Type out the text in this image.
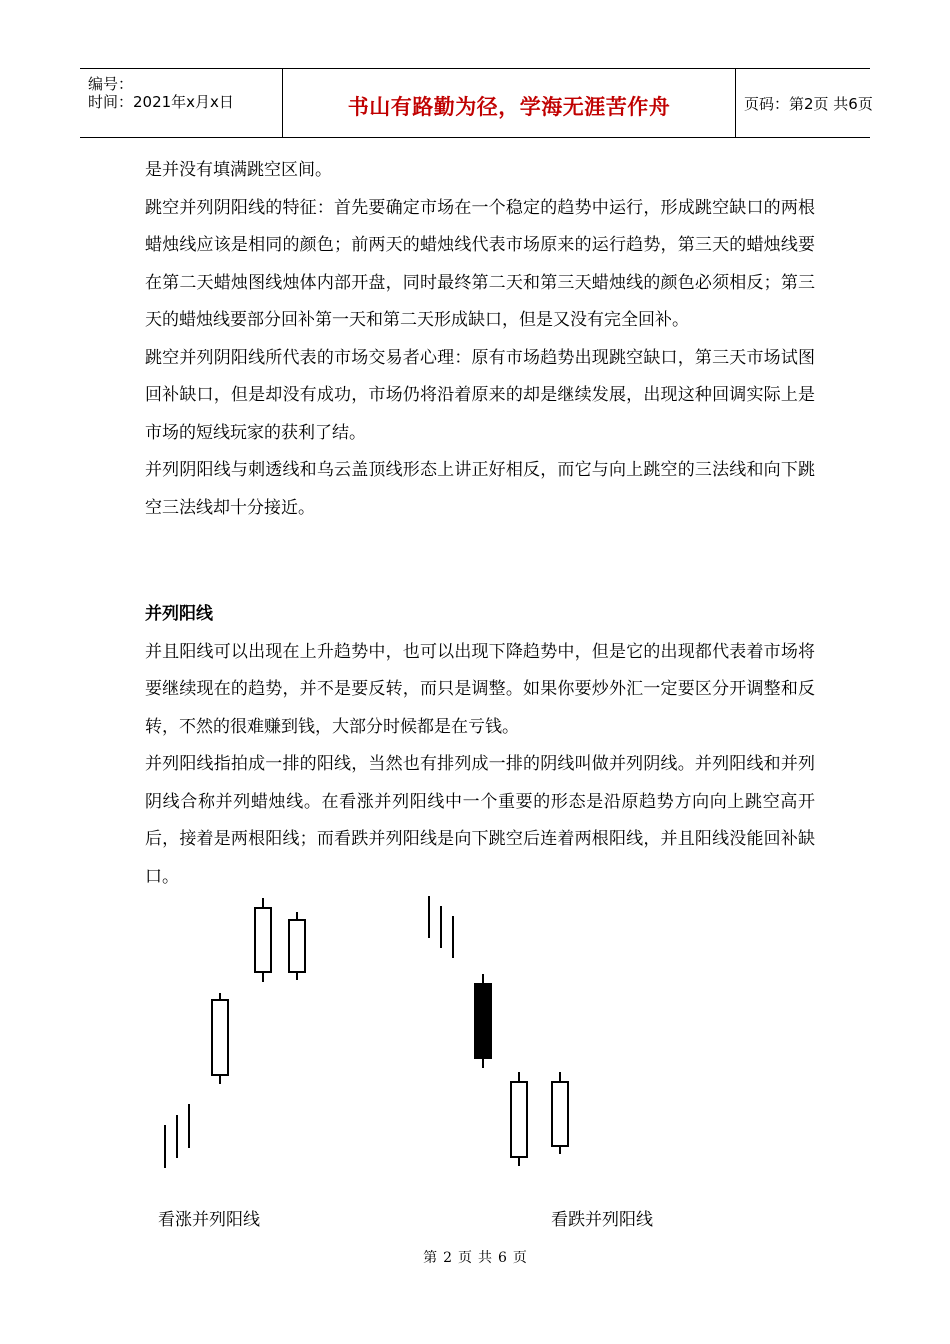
编号：
时间：2021年x月x日	书山有路勤为径，学海无涯苦作舟	页码：第2页 共6页

是并没有填满跳空区间。

跳空并列阴阳线的特征：首先要确定市场在一个稳定的趋势中运行，形成跳空缺口的两根蜡烛线应该是相同的颜色；前两天的蜡烛线代表市场原来的运行趋势，第三天的蜡烛线要在第二天蜡烛图线烛体内部开盘，同时最终第二天和第三天蜡烛线的颜色必须相反；第三天的蜡烛线要部分回补第一天和第二天形成缺口，但是又没有完全回补。

跳空并列阴阳线所代表的市场交易者心理：原有市场趋势出现跳空缺口，第三天市场试图回补缺口，但是却没有成功，市场仍将沿着原来的却是继续发展，出现这种回调实际上是市场的短线玩家的获利了结。

并列阴阳线与刺透线和乌云盖顶线形态上讲正好相反，而它与向上跳空的三法线和向下跳空三法线却十分接近。

并列阳线

并且阳线可以出现在上升趋势中，也可以出现下降趋势中，但是它的出现都代表着市场将要继续现在的趋势，并不是要反转，而只是调整。如果你要炒外汇一定要区分开调整和反转，不然的很难赚到钱，大部分时候都是在亏钱。

并列阳线指拍成一排的阳线，当然也有排列成一排的阴线叫做并列阴线。并列阳线和并列阴线合称并列蜡烛线。在看涨并列阳线中一个重要的形态是沿原趋势方向向上跳空高开后，接着是两根阳线；而看跌并列阳线是向下跳空后连着两根阳线，并且阳线没能回补缺口。

看涨并列阳线	看跌并列阳线
第 2 页 共 6 页
